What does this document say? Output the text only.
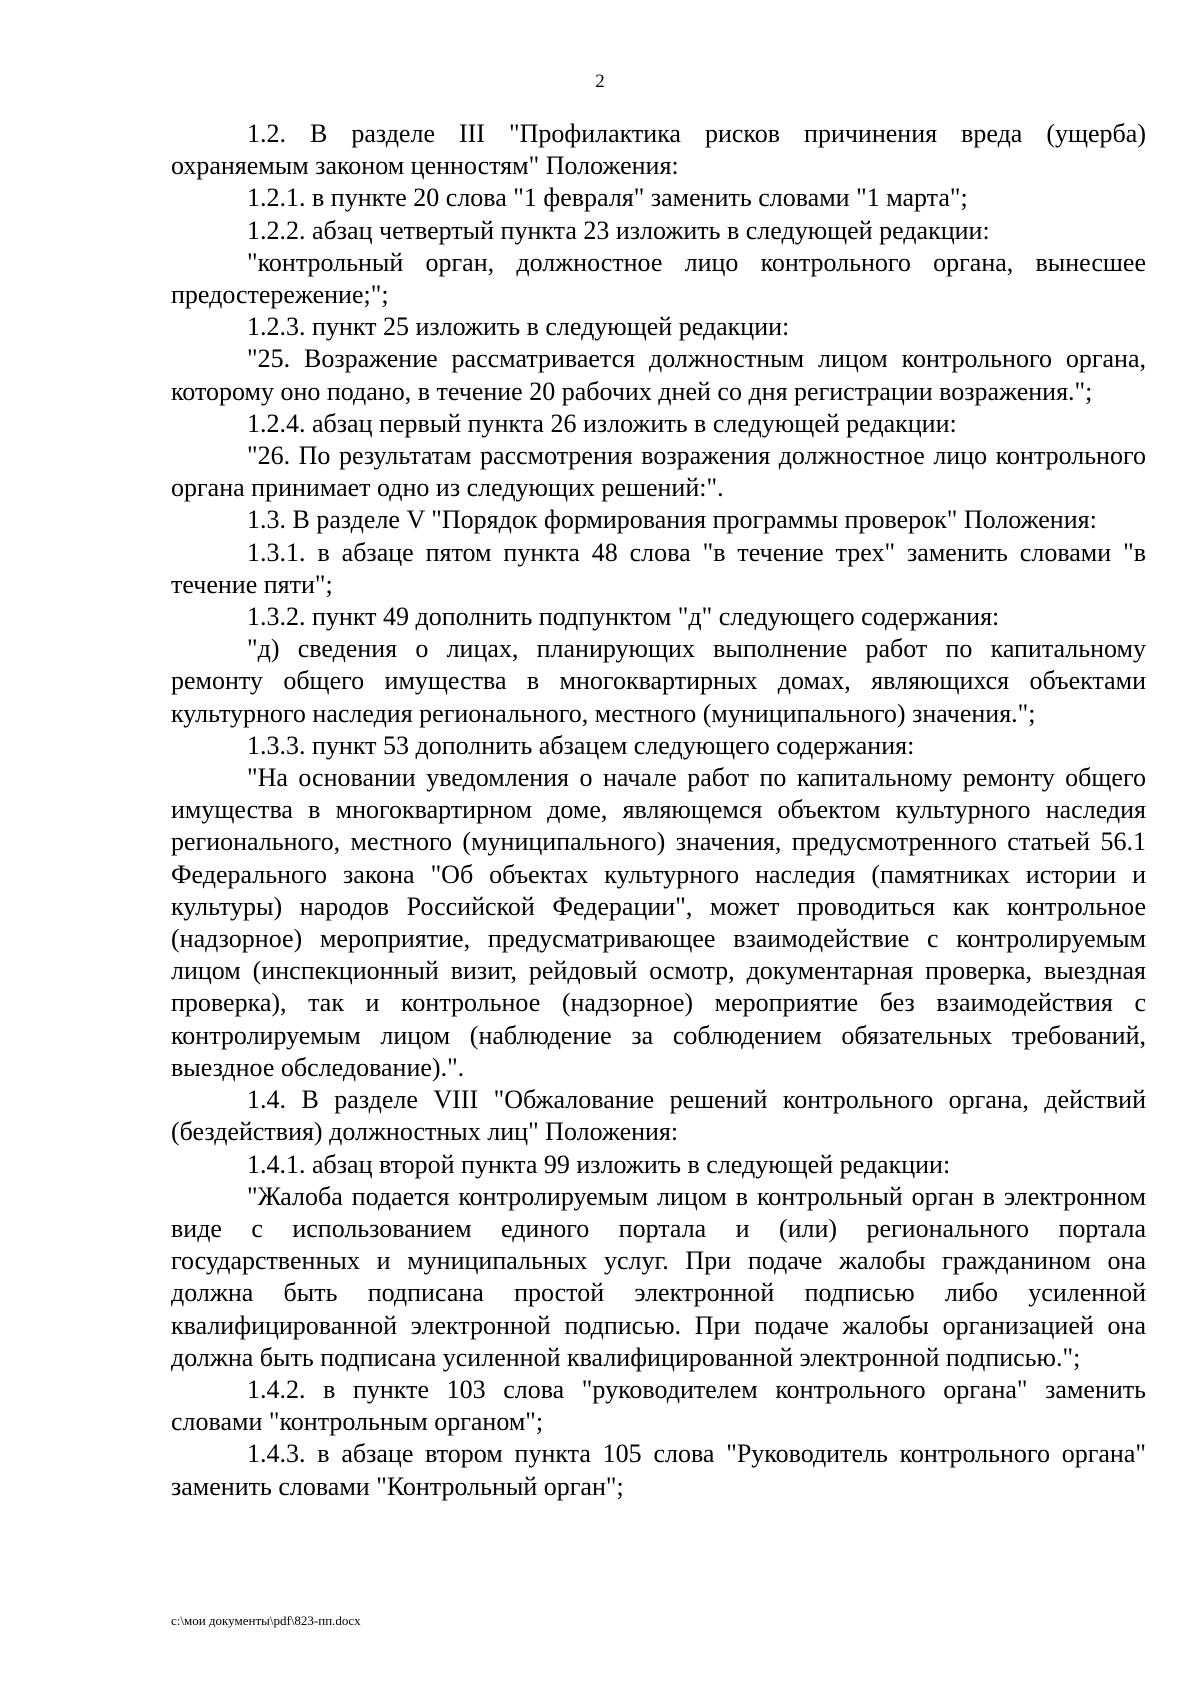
2

1.2. В разделе III "Профилактика рисков причинения вреда (ущерба) охраняемым законом ценностям" Положения:

1.2.1. в пункте 20 слова "1 февраля" заменить словами "1 марта";

1.2.2. абзац четвертый пункта 23 изложить в следующей редакции:

"контрольный орган, должностное лицо контрольного органа, вынесшее предостережение;";

1.2.3. пункт 25 изложить в следующей редакции:

"25. Возражение рассматривается должностным лицом контрольного органа, которому оно подано, в течение 20 рабочих дней со дня регистрации возражения.";

1.2.4. абзац первый пункта 26 изложить в следующей редакции:

"26. По результатам рассмотрения возражения должностное лицо контрольного органа принимает одно из следующих решений:".

1.3. В разделе V "Порядок формирования программы проверок" Положения:

1.3.1. в абзаце пятом пункта 48 слова "в течение трех" заменить словами "в течение пяти";

1.3.2. пункт 49 дополнить подпунктом "д" следующего содержания:

"д) сведения о лицах, планирующих выполнение работ по капитальному ремонту общего имущества в многоквартирных домах, являющихся объектами культурного наследия регионального, местного (муниципального) значения.";

1.3.3. пункт 53 дополнить абзацем следующего содержания:

"На основании уведомления о начале работ по капитальному ремонту общего имущества в многоквартирном доме, являющемся объектом культурного наследия регионального, местного (муниципального) значения, предусмотренного статьей 56.1 Федерального закона "Об объектах культурного наследия (памятниках истории и культуры) народов Российской Федерации", может проводиться как контрольное (надзорное) мероприятие, предусматривающее взаимодействие с контролируемым лицом (инспекционный визит, рейдовый осмотр, документарная проверка, выездная проверка), так и контрольное (надзорное) мероприятие без взаимодействия с контролируемым лицом (наблюдение за соблюдением обязательных требований, выездное обследование).".

1.4. В разделе VIII "Обжалование решений контрольного органа, действий (бездействия) должностных лиц" Положения:

1.4.1. абзац второй пункта 99 изложить в следующей редакции:

"Жалоба подается контролируемым лицом в контрольный орган в электронном виде с использованием единого портала и (или) регионального портала государственных и муниципальных услуг. При подаче жалобы гражданином она должна быть подписана простой электронной подписью либо усиленной квалифицированной электронной подписью. При подаче жалобы организацией она должна быть подписана усиленной квалифицированной электронной подписью.";

1.4.2. в пункте 103 слова "руководителем контрольного органа" заменить словами "контрольным органом";

1.4.3. в абзаце втором пункта 105 слова "Руководитель контрольного органа" заменить словами "Контрольный орган";

c:\мои документы\pdf\823-пп.docx
